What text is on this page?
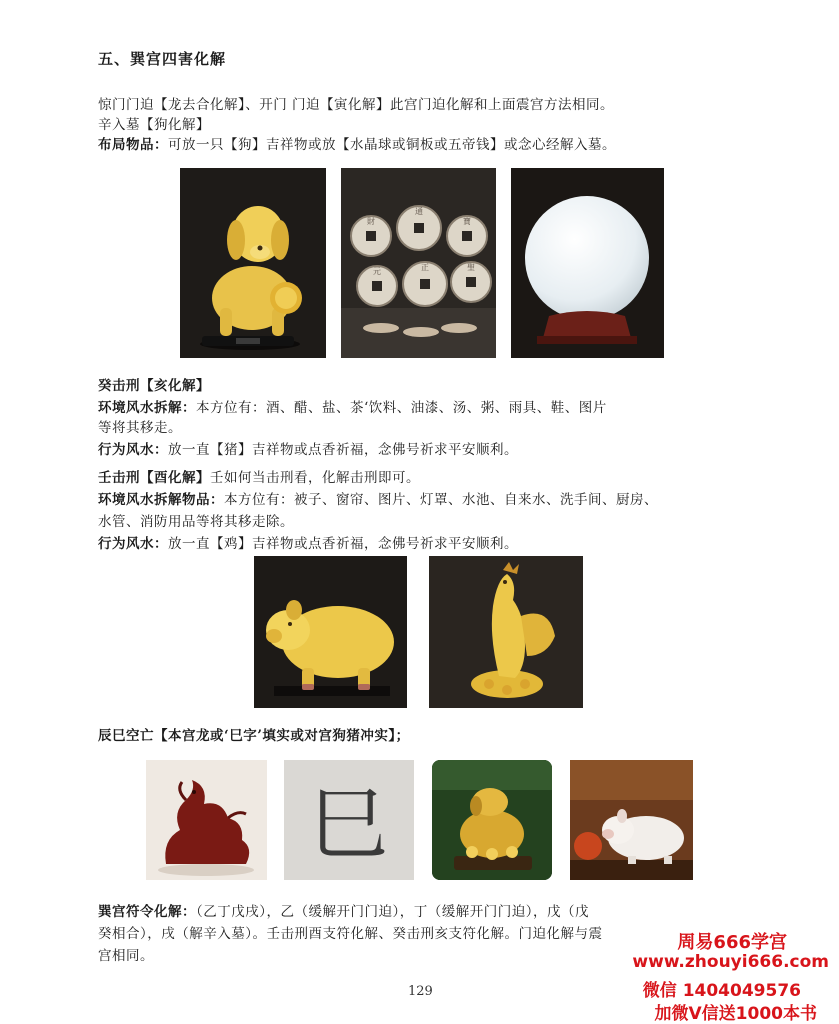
五、巽宫四害化解
惊门门迫【龙去合化解】、开门 门迫【寅化解】此宫门迫化解和上面震宫方法相同。
辛入墓【狗化解】
布局物品：可放一只【狗】吉祥物或放【水晶球或铜板或五帝钱】或念心经解入墓。
財
通
寶
元	正	聖
癸击刑【亥化解】
环境风水拆解：本方位有：酒、醋、盐、茶‘饮料、油漆、汤、粥、雨具、鞋、图片
等将其移走。
行为风水：放一直【猪】吉祥物或点香祈福，念佛号祈求平安顺利。
壬击刑【酉化解】壬如何当击刑看，化解击刑即可。
环境风水拆解物品：本方位有：被子、窗帘、图片、灯罩、水池、自来水、洗手间、厨房、
水管、消防用品等将其移走除。
行为风水：放一直【鸡】吉祥物或点香祈福，念佛号祈求平安顺利。
辰巳空亡【本宫龙或‘巳字’填实或对宫狗猪冲实】；
巳
巽宫符令化解：（乙丁戊戌），乙（缓解开门门迫），丁（缓解开门门迫），戊（戊
癸相合），戌（解辛入墓）。壬击刑酉支符化解、癸击刑亥支符化解。门迫化解与震
宫相同。
129
周易666学宫
www.zhouyi666.com
微信 1404049576
加微V信送1000本书
